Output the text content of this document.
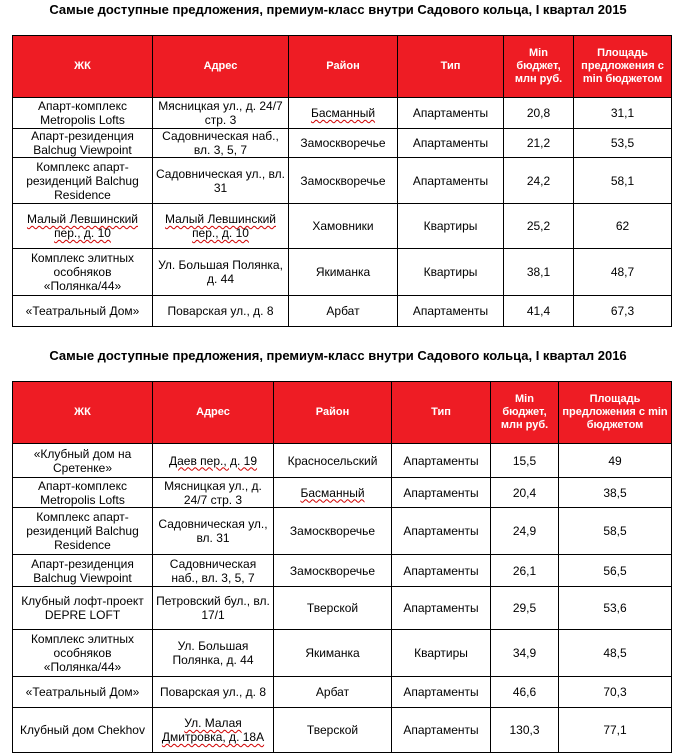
Самые доступные предложения, премиум-класс внутри Садового кольца, I квартал 2015
ЖК	Адрес	Район	Тип	Min бюджет, млн руб.	Площадь предложения с min бюджетом
Апарт-комплекс Metropolis Lofts	Мясницкая ул., д. 24/7 стр. 3	Басманный	Апартаменты	20,8	31,1
Апарт-резиденция Balchug Viewpoint	Садовническая наб., вл. 3, 5, 7	Замоскворечье	Апартаменты	21,2	53,5
Комплекс апарт-резиденций Balchug Residence	Садовническая ул., вл. 31	Замоскворечье	Апартаменты	24,2	58,1
Малый Левшинский пер., д. 10	Малый Левшинский пер., д. 10	Хамовники	Квартиры	25,2	62
Комплекс элитных особняков «Полянка/44»	Ул. Большая Полянка, д. 44	Якиманка	Квартиры	38,1	48,7
«Театральный Дом»	Поварская ул., д. 8	Арбат	Апартаменты	41,4	67,3
Самые доступные предложения, премиум-класс внутри Садового кольца, I квартал 2016
ЖК	Адрес	Район	Тип	Min бюджет, млн руб.	Площадь предложения с min бюджетом
«Клубный дом на Сретенке»	Даев пер., д. 19	Красносельский	Апартаменты	15,5	49
Апарт-комплекс Metropolis Lofts	Мясницкая ул., д. 24/7 стр. 3	Басманный	Апартаменты	20,4	38,5
Комплекс апарт-резиденций Balchug Residence	Садовническая ул., вл. 31	Замоскворечье	Апартаменты	24,9	58,5
Апарт-резиденция Balchug Viewpoint	Садовническая наб., вл. 3, 5, 7	Замоскворечье	Апартаменты	26,1	56,5
Клубный лофт-проект DEPRE LOFT	Петровский бул., вл. 17/1	Тверской	Апартаменты	29,5	53,6
Комплекс элитных особняков «Полянка/44»	Ул. Большая Полянка, д. 44	Якиманка	Квартиры	34,9	48,5
«Театральный Дом»	Поварская ул., д. 8	Арбат	Апартаменты	46,6	70,3
Клубный дом Chekhov	Ул. Малая Дмитровка, д. 18А	Тверской	Апартаменты	130,3	77,1
